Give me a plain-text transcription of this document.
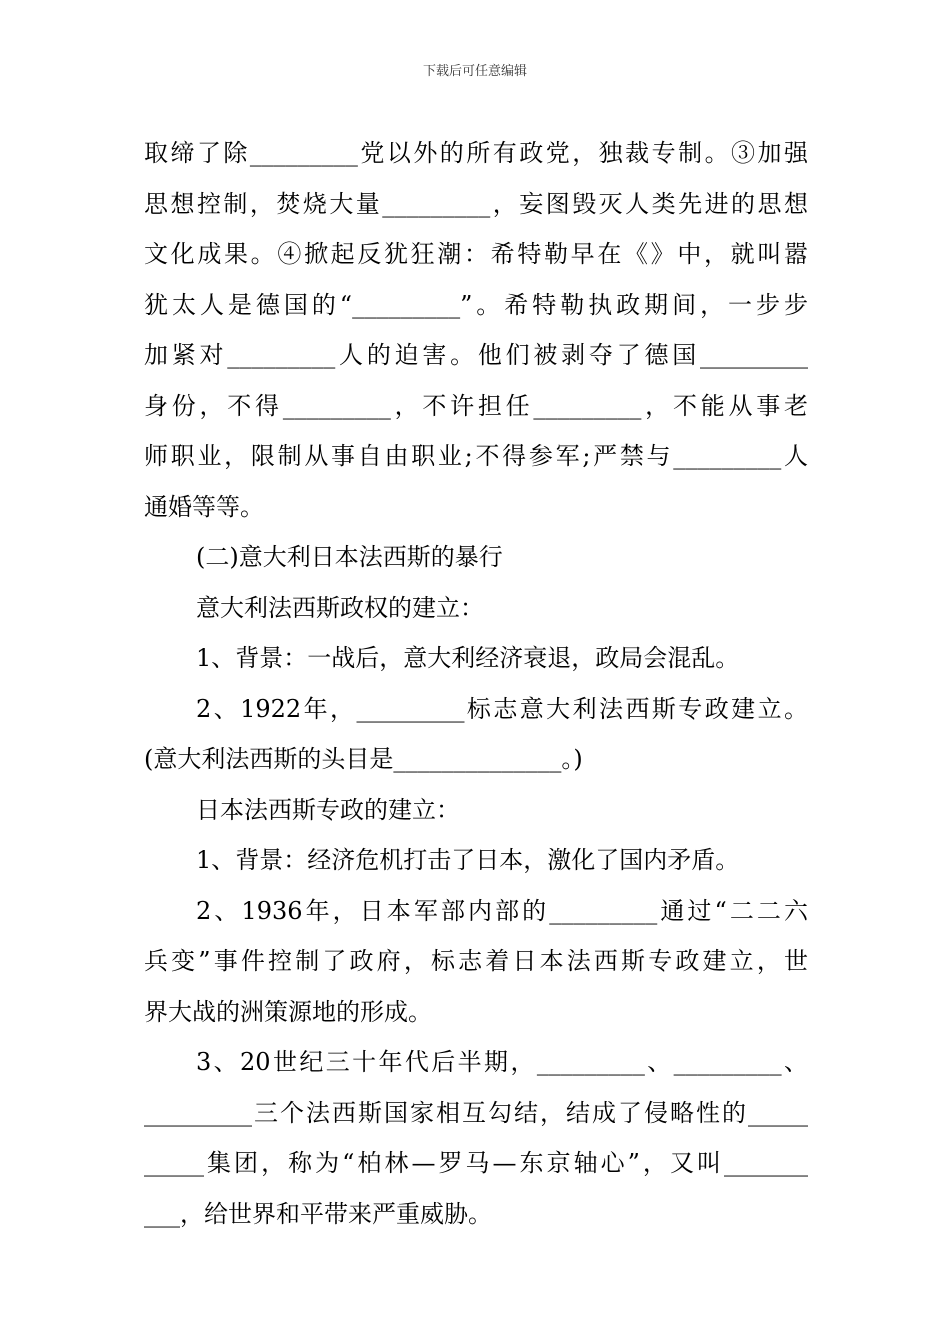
下载后可任意编辑
取缔了除_________党以外的所有政党，独裁专制。③加强
思想控制，焚烧大量_________，妄图毁灭人类先进的思想
文化成果。④掀起反犹狂潮：希特勒早在《》中，就叫嚣
犹太人是德国的“_________”。希特勒执政期间，一步步
加紧对_________人的迫害。他们被剥夺了德国_________
身份，不得_________，不许担任_________，不能从事老
师职业，限制从事自由职业;不得参军;严禁与_________人
通婚等等。
(二)意大利日本法西斯的暴行
意大利法西斯政权的建立：
1、背景：一战后，意大利经济衰退，政局会混乱。
2、1922年，_________标志意大利法西斯专政建立。
(意大利法西斯的头目是______________。)
日本法西斯专政的建立：
1、背景：经济危机打击了日本，激化了国内矛盾。
2、1936年，日本军部内部的_________通过“二二六
兵变”事件控制了政府，标志着日本法西斯专政建立，世
界大战的洲策源地的形成。
3、20世纪三十年代后半期，_________、_________、
_________三个法西斯国家相互勾结，结成了侵略性的_____
_____集团，称为“柏林—罗马—东京轴心”，又叫_______
___，给世界和平带来严重威胁。
